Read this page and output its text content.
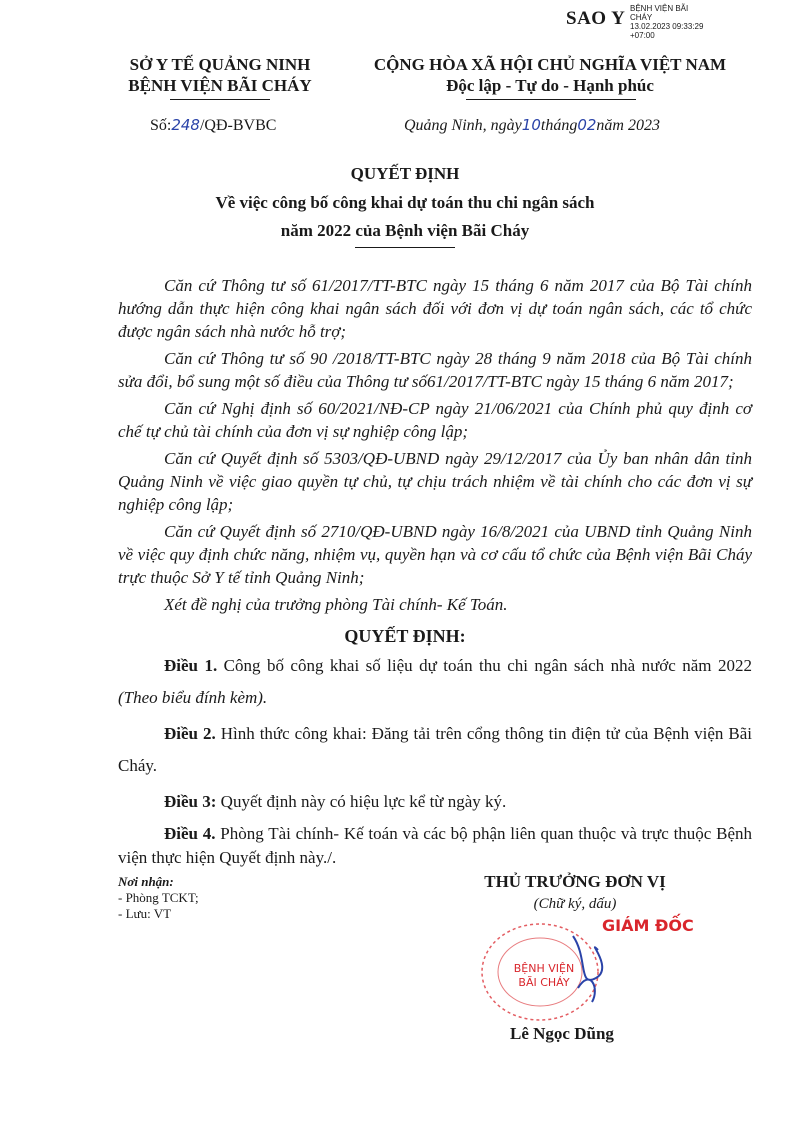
SAO Y BỆNH VIỆN BÃI
CHÁY
13.02.2023 09:33:29
+07:00
SỞ Y TẾ QUẢNG NINH
BỆNH VIỆN BÃI CHÁY
CỘNG HÒA XÃ HỘI CHỦ NGHĨA VIỆT NAM
Độc lập - Tự do - Hạnh phúc
Số:248/QĐ-BVBC	Quảng Ninh, ngày10tháng02năm 2023
QUYẾT ĐỊNH
Về việc công bố công khai dự toán thu chi ngân sách
năm 2022 của Bệnh viện Bãi Cháy

Căn cứ Thông tư số 61/2017/TT-BTC ngày 15 tháng 6 năm 2017 của Bộ Tài chính hướng dẫn thực hiện công khai ngân sách đối với đơn vị dự toán ngân sách, các tổ chức được ngân sách nhà nước hỗ trợ;

Căn cứ Thông tư số 90 /2018/TT-BTC ngày 28 tháng 9 năm 2018 của Bộ Tài chính sửa đổi, bổ sung một số điều của Thông tư số61/2017/TT-BTC ngày 15 tháng 6 năm 2017;

Căn cứ Nghị định số 60/2021/NĐ-CP ngày 21/06/2021 của Chính phủ quy định cơ chế tự chủ tài chính của đơn vị sự nghiệp công lập;

Căn cứ Quyết định số 5303/QĐ-UBND ngày 29/12/2017 của Ủy ban nhân dân tỉnh Quảng Ninh về việc giao quyền tự chủ, tự chịu trách nhiệm về tài chính cho các đơn vị sự nghiệp công lập;

Căn cứ Quyết định số 2710/QĐ-UBND ngày 16/8/2021 của UBND tỉnh Quảng Ninh về việc quy định chức năng, nhiệm vụ, quyền hạn và cơ cấu tổ chức của Bệnh viện Bãi Cháy trực thuộc Sở Y tế tỉnh Quảng Ninh;

Xét đề nghị của trưởng phòng Tài chính- Kế Toán.

QUYẾT ĐỊNH:

Điều 1. Công bố công khai số liệu dự toán thu chi ngân sách nhà nước năm 2022 (Theo biểu đính kèm).

Điều 2. Hình thức công khai: Đăng tải trên cổng thông tin điện tử của Bệnh viện Bãi Cháy.

Điều 3: Quyết định này có hiệu lực kể từ ngày ký.

Điều 4. Phòng Tài chính- Kế toán và các bộ phận liên quan thuộc và trực thuộc Bệnh viện thực hiện Quyết định này./.

Nơi nhận:
- Phòng TCKT;
- Lưu: VT
THỦ TRƯỞNG ĐƠN VỊ
(Chữ ký, dấu)
BỆNH VIỆN BÃI CHÁY
GIÁM ĐỐC
Lê Ngọc Dũng
